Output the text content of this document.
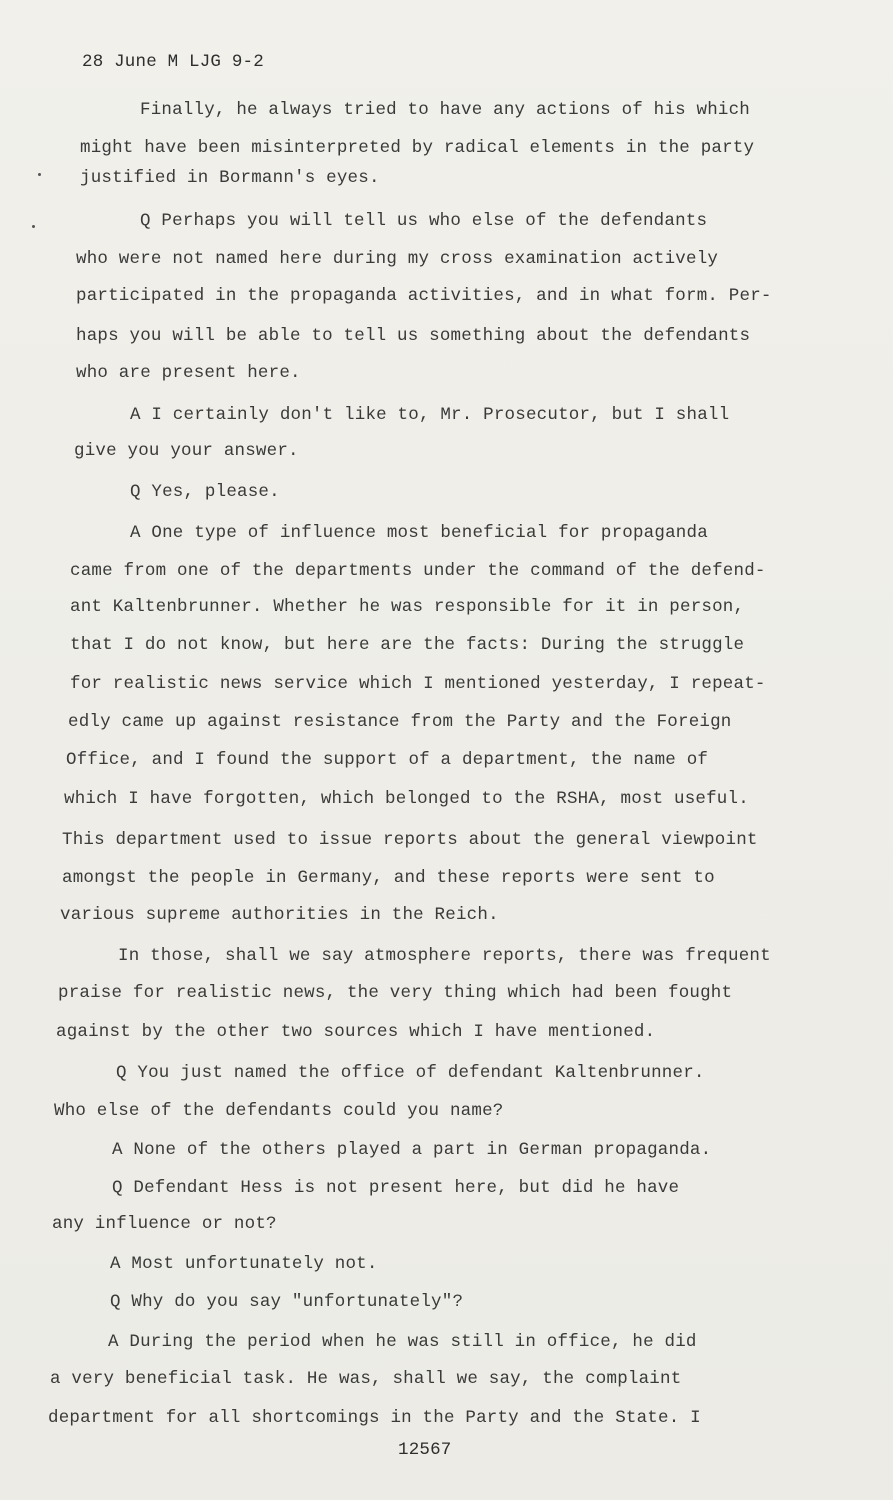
28 June M LJG 9-2
Finally, he always tried to have any actions of his which
might have been misinterpreted by radical elements in the party
justified in Bormann's eyes.
Q Perhaps you will tell us who else of the defendants
who were not named here during my cross examination actively
participated in the propaganda activities, and in what form. Per-
haps you will be able to tell us something about the defendants
who are present here.
A I certainly don't like to, Mr. Prosecutor, but I shall
give you your answer.
Q Yes, please.
A One type of influence most beneficial for propaganda
came from one of the departments under the command of the defend-
ant Kaltenbrunner. Whether he was responsible for it in person,
that I do not know, but here are the facts: During the struggle
for realistic news service which I mentioned yesterday, I repeat-
edly came up against resistance from the Party and the Foreign
Office, and I found the support of a department, the name of
which I have forgotten, which belonged to the RSHA, most useful.
This department used to issue reports about the general viewpoint
amongst the people in Germany, and these reports were sent to
various supreme authorities in the Reich.
In those, shall we say atmosphere reports, there was frequent
praise for realistic news, the very thing which had been fought
against by the other two sources which I have mentioned.
Q You just named the office of defendant Kaltenbrunner.
Who else of the defendants could you name?
A None of the others played a part in German propaganda.
Q Defendant Hess is not present here, but did he have
any influence or not?
A Most unfortunately not.
Q Why do you say "unfortunately"?
A During the period when he was still in office, he did
a very beneficial task. He was, shall we say, the complaint
department for all shortcomings in the Party and the State. I
12567
